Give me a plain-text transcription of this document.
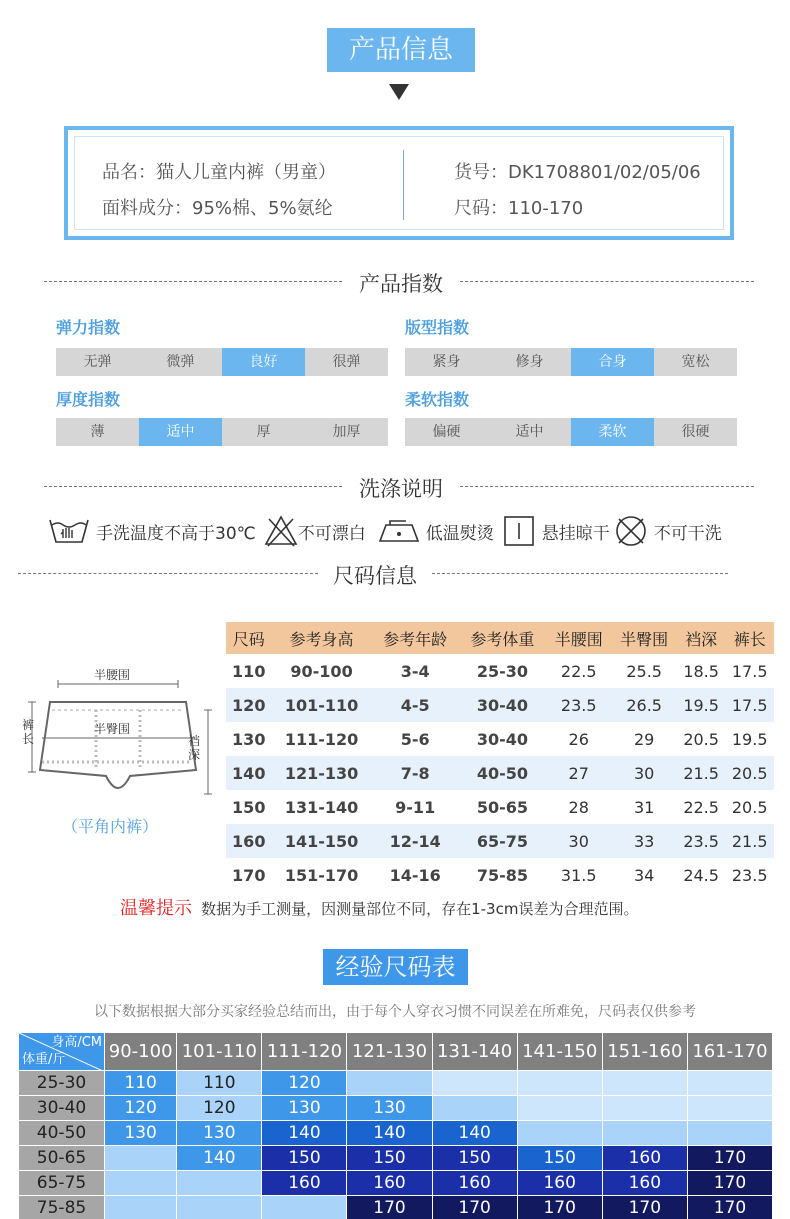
产品信息
品名：猫人儿童内裤（男童）
面料成分：95%棉、5%氨纶
货号：DK1708801/02/05/06
尺码：110-170
产品指数
弹力指数
无弹	微弹	良好	很弹
版型指数
紧身	修身	合身	宽松
厚度指数
薄	适中	厚	加厚
柔软指数
偏硬	适中	柔软	很硬
洗涤说明
手洗温度不高于30℃ 不可漂白	低温熨烫	悬挂晾干	不可干洗
尺码信息
半腰围
半臀围
裤长	裆深
（平角内裤）
尺码	参考身高	参考年龄	参考体重	半腰围	半臀围	裆深	裤长
110	90-100	3-4	25-30	22.5	25.5	18.5	17.5
120	101-110	4-5	30-40	23.5	26.5	19.5	17.5
130	111-120	5-6	30-40	26	29	20.5	19.5
140	121-130	7-8	40-50	27	30	21.5	20.5
150	131-140	9-11	50-65	28	31	22.5	20.5
160	141-150	12-14	65-75	30	33	23.5	21.5
170	151-170	14-16	75-85	31.5	34	24.5	23.5
温馨提示 数据为手工测量，因测量部位不同，存在1-3cm误差为合理范围。
经验尺码表
以下数据根据大部分买家经验总结而出，由于每个人穿衣习惯不同误差在所难免，尺码表仅供参考
身高/CM
体重/斤	90-100	101-110	111-120	121-130	131-140	141-150	151-160	161-170
25-30	110	110	120					
30-40	120	120	130	130				
40-50	130	130	140	140	140			
50-65		140	150	150	150	150	160	170
65-75			160	160	160	160	160	170
75-85				170	170	170	170	170
